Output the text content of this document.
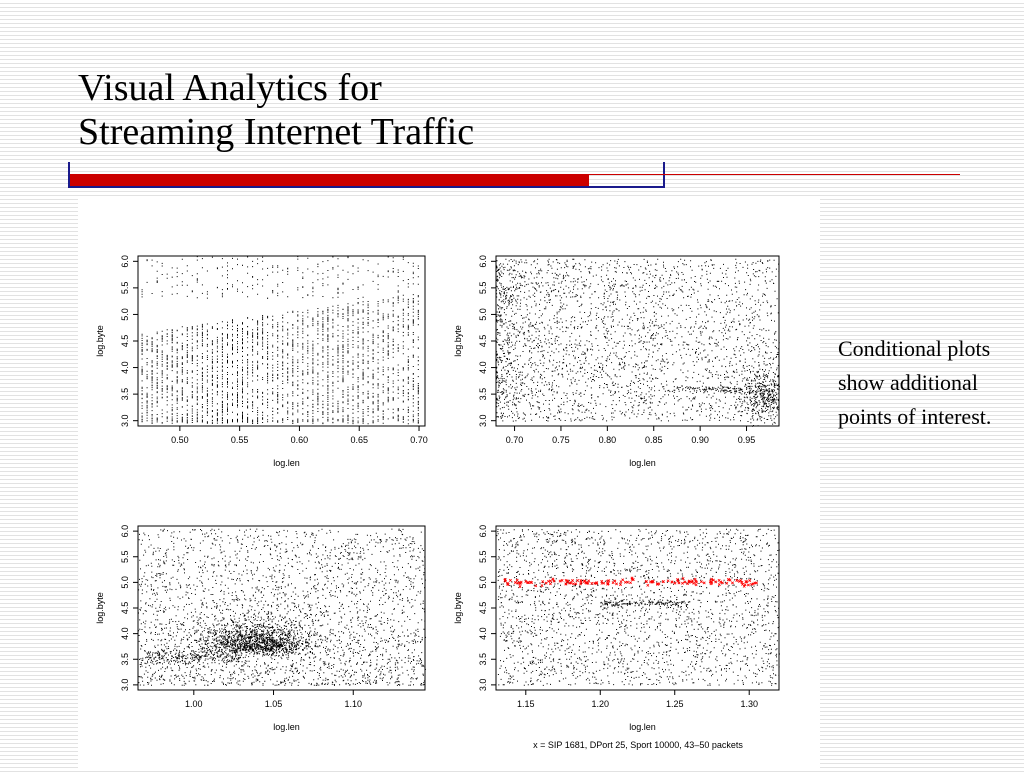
Visual Analytics for
Streaming Internet Traffic
x = SIP 1681, DPort 25, Sport 10000, 43–50 packets
0.50	0.55	0.60	0.65	0.70
3.0
3.5
4.0
4.5
5.0
5.5
6.0
log.len
log.byte
0.70	0.75	0.80	0.85	0.90	0.95
3.0
3.5
4.0
4.5
5.0
5.5
6.0
log.len
log.byte
1.00	1.05	1.10
3.0
3.5
4.0
4.5
5.0
5.5
6.0
log.len
log.byte
1.15	1.20	1.25	1.30
3.0
3.5
4.0
4.5
5.0
5.5
6.0
log.len
log.byte
Conditional plots show additional points of interest.
